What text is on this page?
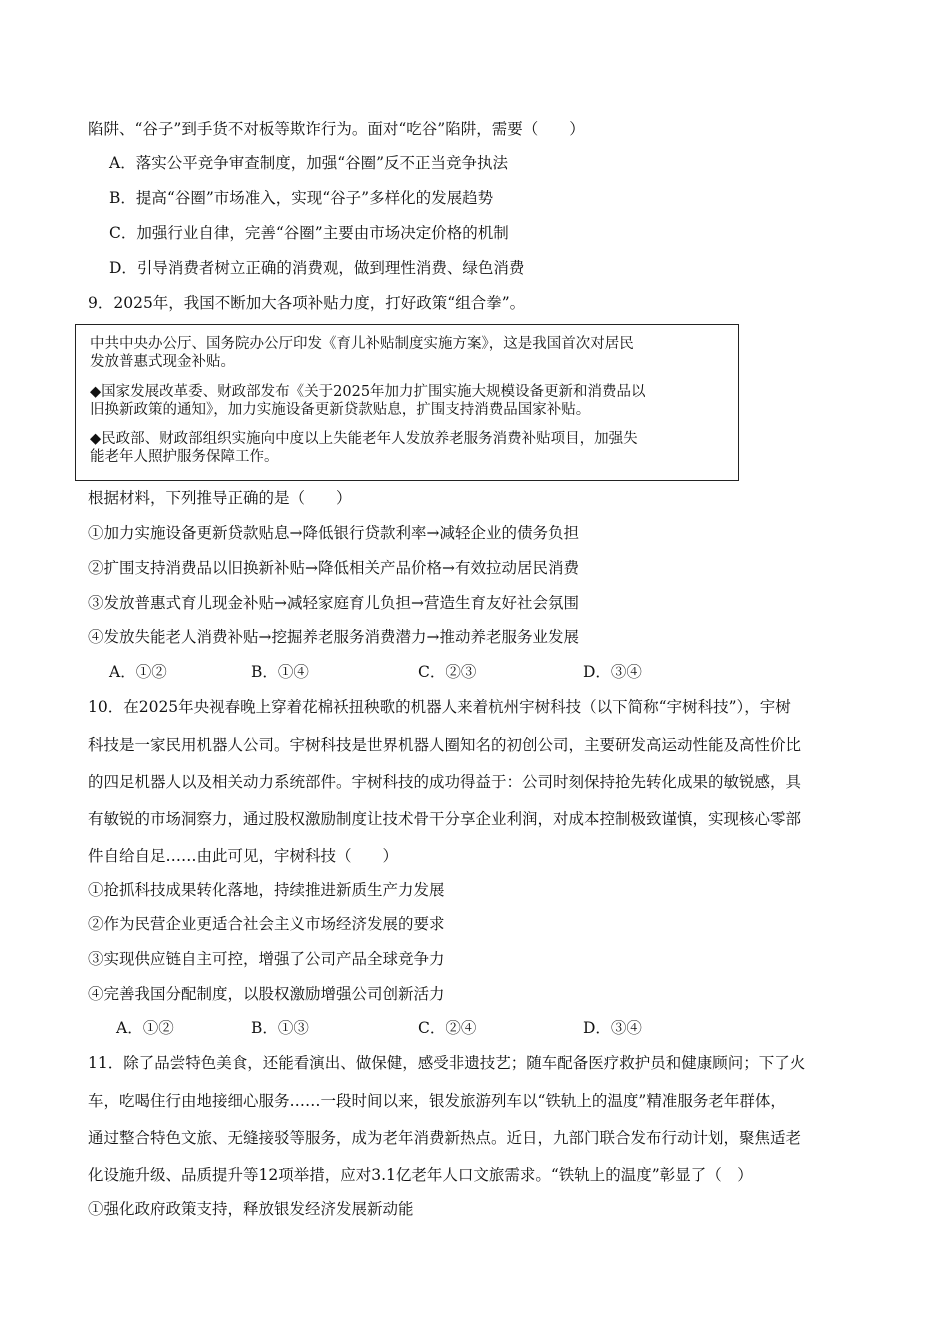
陷阱、“谷子”到手货不对板等欺诈行为。面对“吃谷”陷阱，需要（　　）
A．落实公平竞争审查制度，加强“谷圈”反不正当竞争执法
B．提高“谷圈”市场准入，实现“谷子”多样化的发展趋势
C．加强行业自律，完善“谷圈”主要由市场决定价格的机制
D．引导消费者树立正确的消费观，做到理性消费、绿色消费
9．2025年，我国不断加大各项补贴力度，打好政策“组合拳”。
中共中央办公厅、国务院办公厅印发《育儿补贴制度实施方案》，这是我国首次对居民
发放普惠式现金补贴。
◆国家发展改革委、财政部发布《关于2025年加力扩围实施大规模设备更新和消费品以
旧换新政策的通知》，加力实施设备更新贷款贴息，扩围支持消费品国家补贴。
◆民政部、财政部组织实施向中度以上失能老年人发放养老服务消费补贴项目，加强失
能老年人照护服务保障工作。
根据材料，下列推导正确的是（　　）
①加力实施设备更新贷款贴息→降低银行贷款利率→减轻企业的债务负担
②扩围支持消费品以旧换新补贴→降低相关产品价格→有效拉动居民消费
③发放普惠式育儿现金补贴→减轻家庭育儿负担→营造生育友好社会氛围
④发放失能老人消费补贴→挖掘养老服务消费潜力→推动养老服务业发展
A．①②	B．①④	C．②③	D．③④
10．在2025年央视春晚上穿着花棉袄扭秧歌的机器人来着杭州宇树科技（以下简称“宇树科技”），宇树
科技是一家民用机器人公司。宇树科技是世界机器人圈知名的初创公司，主要研发高运动性能及高性价比
的四足机器人以及相关动力系统部件。宇树科技的成功得益于：公司时刻保持抢先转化成果的敏锐感，具
有敏锐的市场洞察力，通过股权激励制度让技术骨干分享企业利润，对成本控制极致谨慎，实现核心零部
件自给自足……由此可见，宇树科技（　　）
①抢抓科技成果转化落地，持续推进新质生产力发展
②作为民营企业更适合社会主义市场经济发展的要求
③实现供应链自主可控，增强了公司产品全球竞争力
④完善我国分配制度，以股权激励增强公司创新活力
A．①②	B．①③	C．②④	D．③④
11．除了品尝特色美食，还能看演出、做保健，感受非遗技艺；随车配备医疗救护员和健康顾问；下了火
车，吃喝住行由地接细心服务……一段时间以来，银发旅游列车以“铁轨上的温度”精准服务老年群体，
通过整合特色文旅、无缝接驳等服务，成为老年消费新热点。近日，九部门联合发布行动计划，聚焦适老
化设施升级、品质提升等12项举措，应对3.1亿老年人口文旅需求。“铁轨上的温度”彰显了（　）
①强化政府政策支持，释放银发经济发展新动能
